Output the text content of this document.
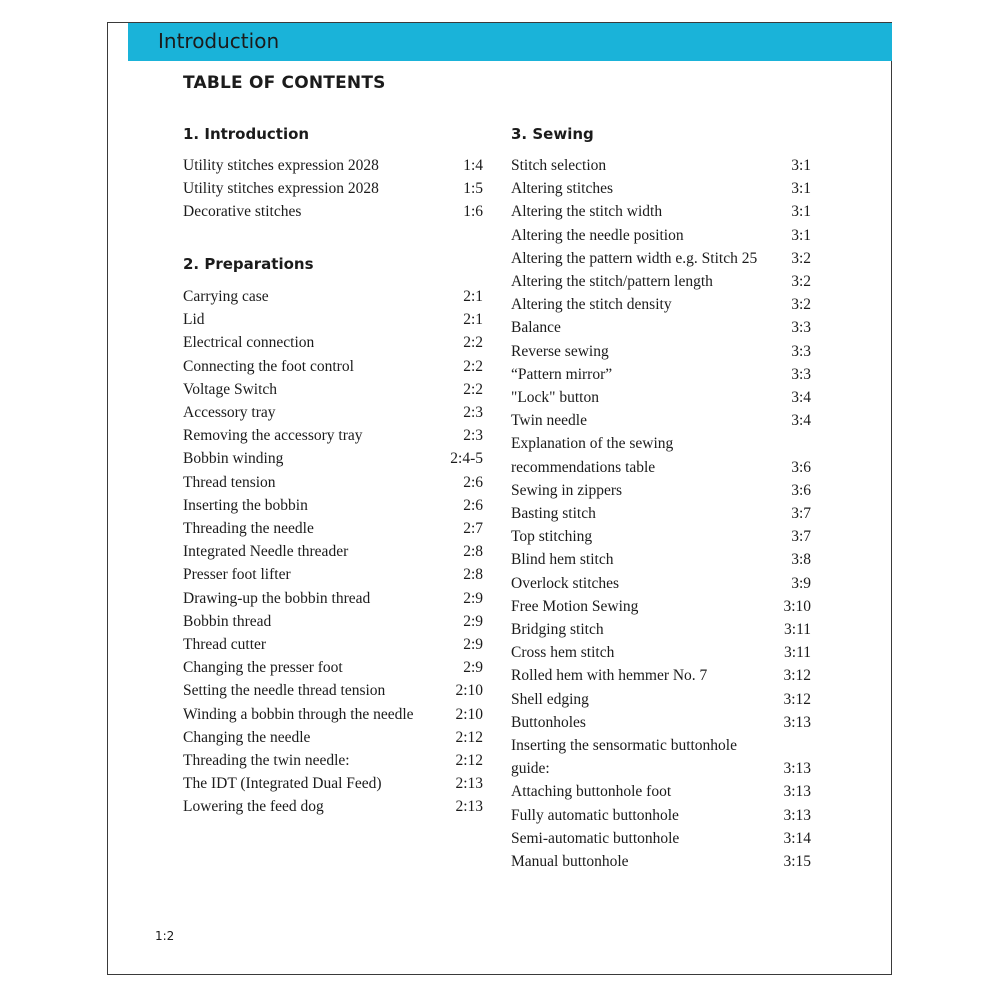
Introduction
TABLE OF CONTENTS
1. Introduction
Utility stitches expression 2028	1:4
Utility stitches expression 2028	1:5
Decorative stitches	1:6
2. Preparations
Carrying case	2:1
Lid	2:1
Electrical connection	2:2
Connecting the foot control	2:2
Voltage Switch	2:2
Accessory tray	2:3
Removing the accessory tray	2:3
Bobbin winding	2:4-5
Thread tension	2:6
Inserting the bobbin	2:6
Threading the needle	2:7
Integrated Needle threader	2:8
Presser foot lifter	2:8
Drawing-up the bobbin thread	2:9
Bobbin thread	2:9
Thread cutter	2:9
Changing the presser foot	2:9
Setting the needle thread tension	2:10
Winding a bobbin through the needle	2:10
Changing the needle	2:12
Threading the twin needle:	2:12
The IDT (Integrated Dual Feed)	2:13
Lowering the feed dog	2:13
3. Sewing
Stitch selection	3:1
Altering stitches	3:1
Altering the stitch width	3:1
Altering the needle position	3:1
Altering the pattern width e.g. Stitch 25 3:2
Altering the stitch/pattern length	3:2
Altering the stitch density	3:2
Balance	3:3
Reverse sewing	3:3
“Pattern mirror”	3:3
"Lock" button	3:4
Twin needle	3:4
Explanation of the sewing
recommendations table	3:6
Sewing in zippers	3:6
Basting stitch	3:7
Top stitching	3:7
Blind hem stitch	3:8
Overlock stitches	3:9
Free Motion Sewing	3:10
Bridging stitch	3:11
Cross hem stitch	3:11
Rolled hem with hemmer No. 7	3:12
Shell edging	3:12
Buttonholes	3:13
Inserting the sensormatic buttonhole
guide:	3:13
Attaching buttonhole foot	3:13
Fully automatic buttonhole	3:13
Semi-automatic buttonhole	3:14
Manual buttonhole	3:15
1:2
